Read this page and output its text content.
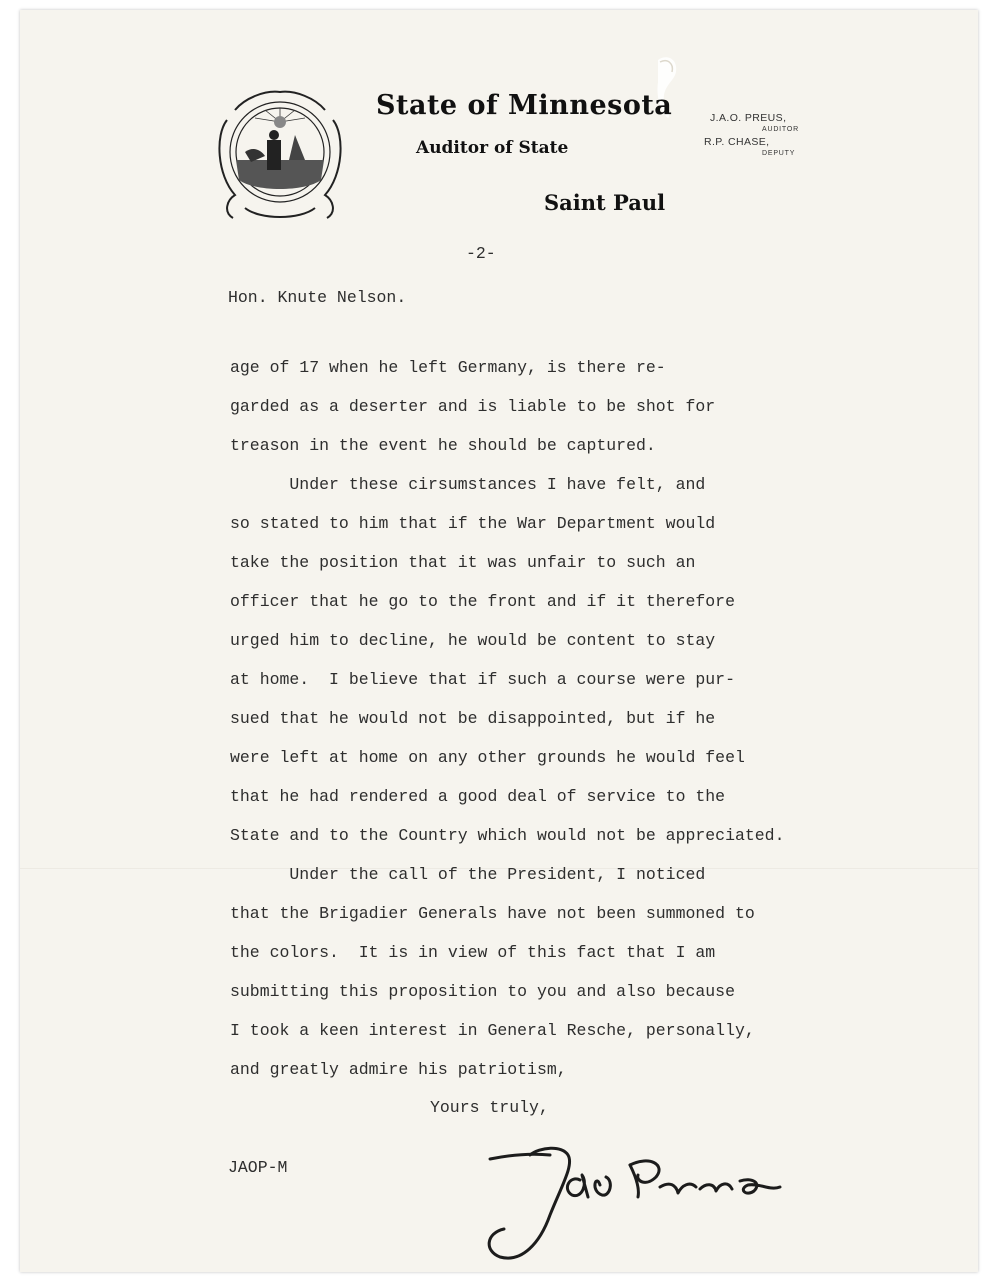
State of Minnesota
Auditor of State
Saint Paul
J.A.O. PREUS,
AUDITOR
R.P. CHASE,
DEPUTY
-2-
Hon. Knute Nelson.
age of 17 when he left Germany, is there re-
garded as a deserter and is liable to be shot for
treason in the event he should be captured.
Under these cirsumstances I have felt, and
so stated to him that if the War Department would
take the position that it was unfair to such an
officer that he go to the front and if it therefore
urged him to decline, he would be content to stay
at home.  I believe that if such a course were pur-
sued that he would not be disappointed, but if he
were left at home on any other grounds he would feel
that he had rendered a good deal of service to the
State and to the Country which would not be appreciated.
Under the call of the President, I noticed
that the Brigadier Generals have not been summoned to
the colors.  It is in view of this fact that I am
submitting this proposition to you and also because
I took a keen interest in General Resche, personally,
and greatly admire his patriotism,
Yours truly,
JAOP-M
